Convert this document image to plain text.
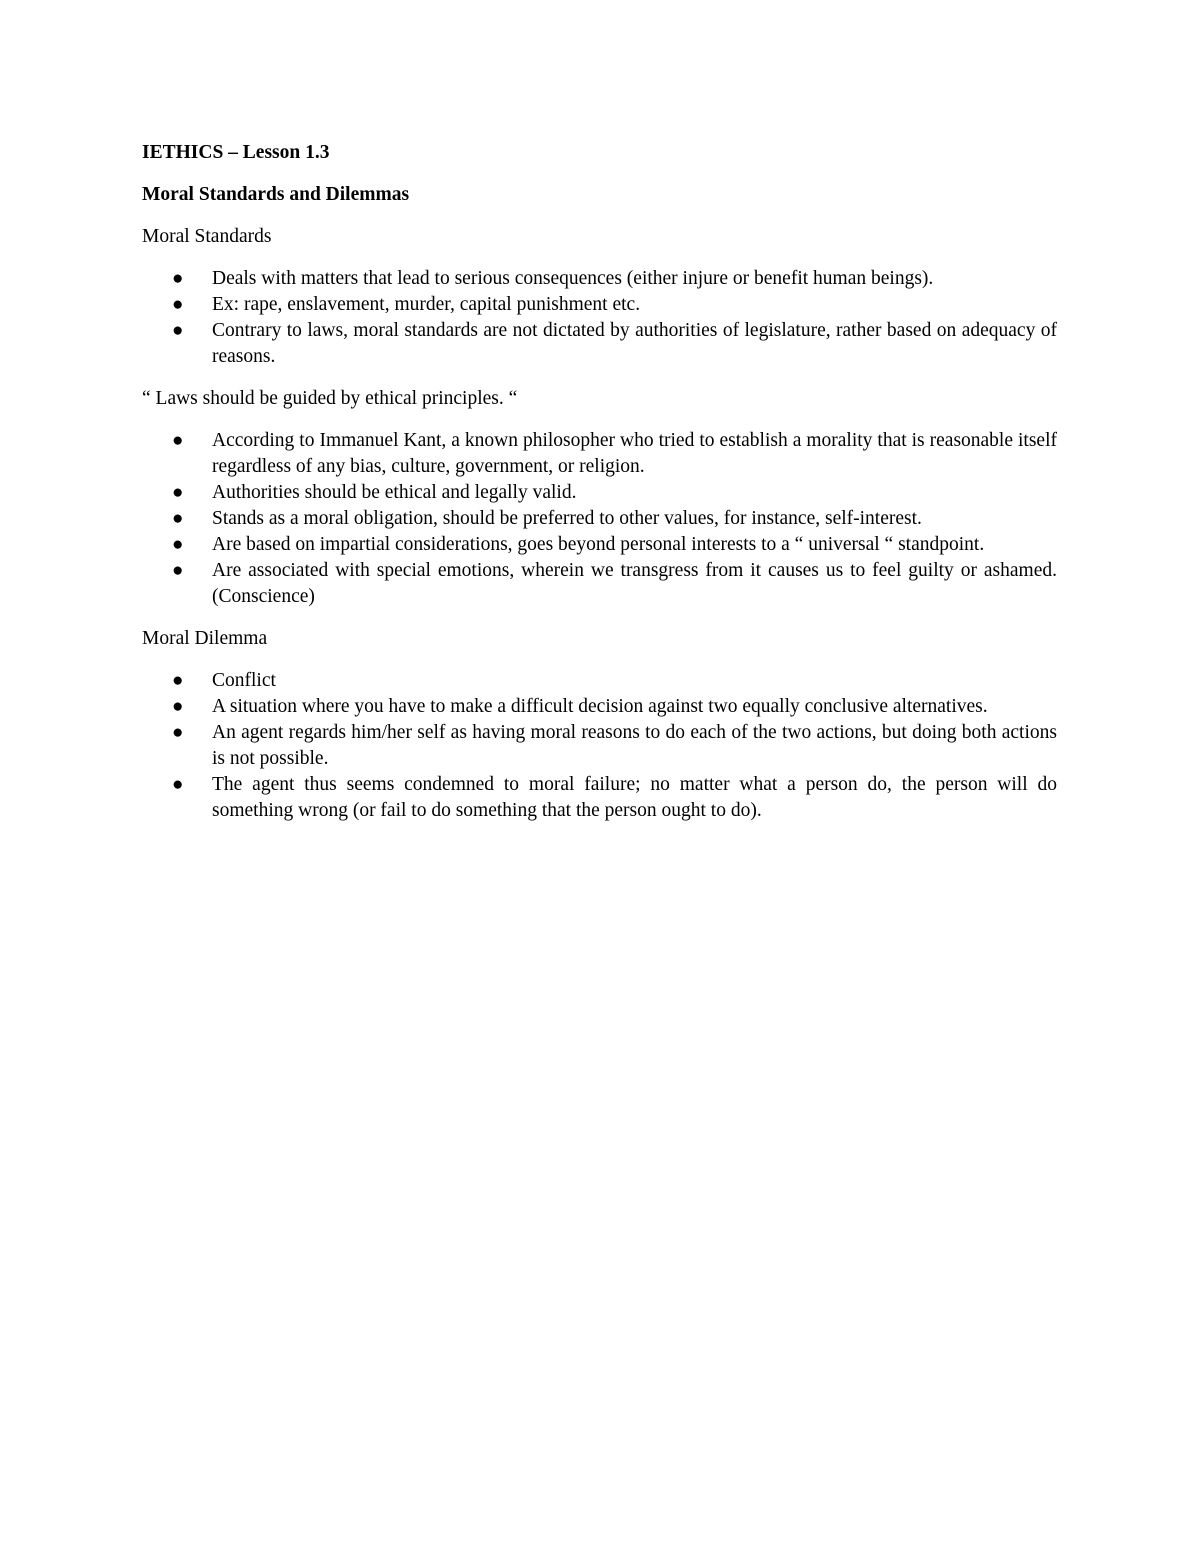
IETHICS – Lesson 1.3

Moral Standards and Dilemmas

Moral Standards

● Deals with matters that lead to serious consequences (either injure or benefit human beings).
● Ex: rape, enslavement, murder, capital punishment etc.
● Contrary to laws, moral standards are not dictated by authorities of legislature, rather based on adequacy of reasons.

“ Laws should be guided by ethical principles. “

● According to Immanuel Kant, a known philosopher who tried to establish a morality that is reasonable itself regardless of any bias, culture, government, or religion.
● Authorities should be ethical and legally valid.
● Stands as a moral obligation, should be preferred to other values, for instance, self-interest.
● Are based on impartial considerations, goes beyond personal interests to a “ universal “ standpoint.
● Are associated with special emotions, wherein we transgress from it causes us to feel guilty or ashamed. (Conscience)

Moral Dilemma

● Conflict
● A situation where you have to make a difficult decision against two equally conclusive alternatives.
● An agent regards him/her self as having moral reasons to do each of the two actions, but doing both actions is not possible.
● The agent thus seems condemned to moral failure; no matter what a person do, the person will do something wrong (or fail to do something that the person ought to do).
